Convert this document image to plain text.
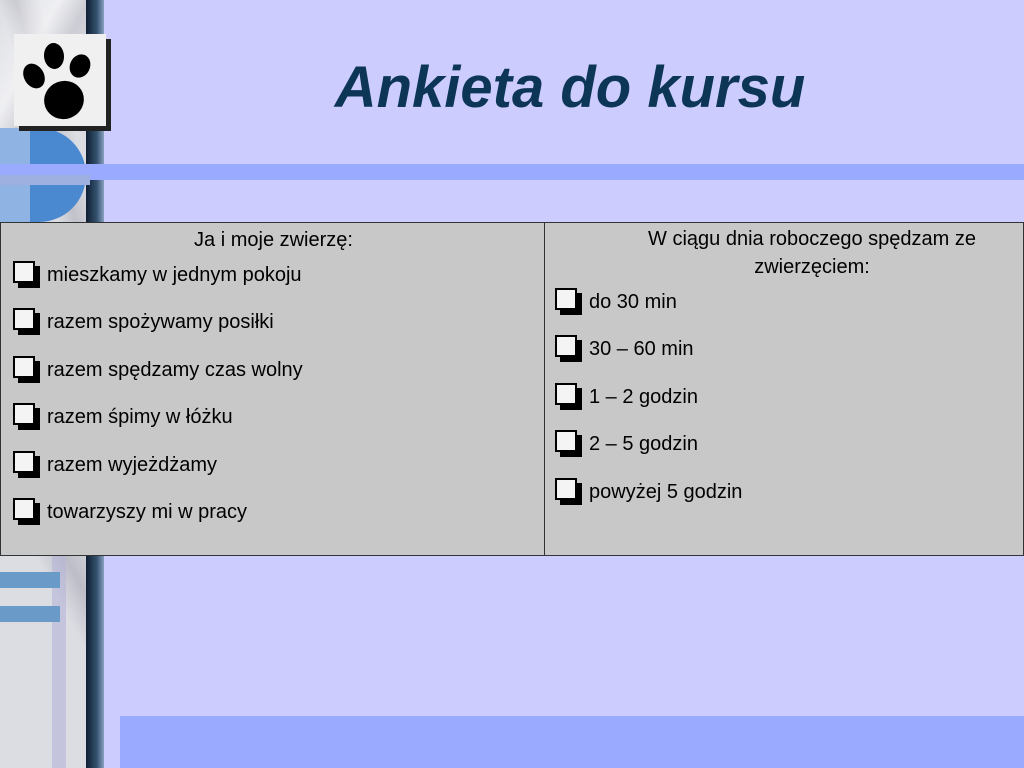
Ankieta do kursu
Ja i moje zwierzę:
mieszkamy w jednym pokoju
razem spożywamy posiłki
razem spędzamy czas wolny
razem śpimy w łóżku
razem wyjeżdżamy
towarzyszy mi w pracy
W ciągu dnia roboczego spędzam ze zwierzęciem:
do 30 min
30 – 60 min
1 – 2 godzin
2 – 5 godzin
powyżej 5 godzin
